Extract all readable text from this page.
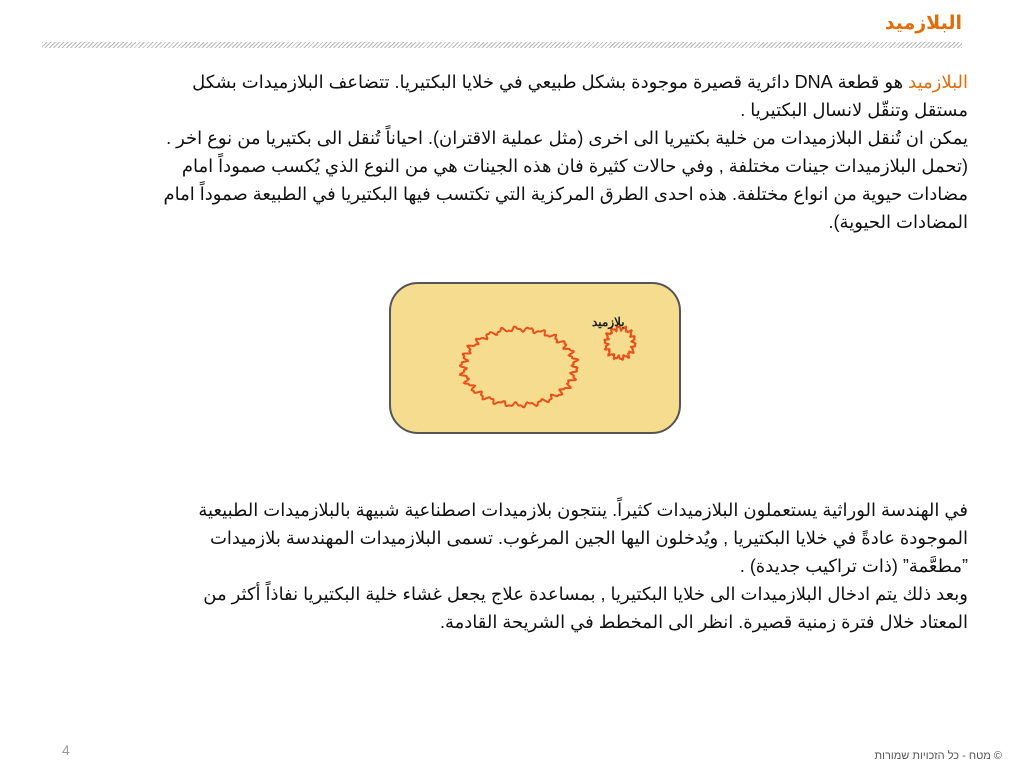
البلازميد
البلازميد هو قطعة DNA دائرية قصيرة موجودة بشكل طبيعي في خلايا البكتيريا. تتضاعف البلازميدات بشكل
مستقل وتنقّل لانسال البكتيريا .
يمكن ان تُنقل البلازميدات من خلية بكتيريا الى اخرى (مثل عملية الاقتران). احياناً تُنقل الى بكتيريا من نوع اخر .
(تحمل البلازميدات جينات مختلفة , وفي حالات كثيرة فان هذه الجينات هي من النوع الذي يُكسب صموداً امام
مضادات حيوية من انواع مختلفة. هذه احدى الطرق المركزية التي تكتسب فيها البكتيريا في الطبيعة صموداً امام
المضادات الحيوية).
بلازميد
في الهندسة الوراثية يستعملون البلازميدات كثيراً. ينتجون بلازميدات اصطناعية شبيهة بالبلازميدات الطبيعية
الموجودة عادةً في خلايا البكتيريا , ويُدخلون اليها الجين المرغوب. تسمى البلازميدات المهندسة بلازميدات
”مطعَّمة” (ذات تراكيب جديدة) .
وبعد ذلك يتم ادخال البلازميدات الى خلايا البكتيريا , بمساعدة علاج يجعل غشاء خلية البكتيريا نفاذاً أكثر من
المعتاد خلال فترة زمنية قصيرة. انظر الى المخطط في الشريحة القادمة.
4	© מטח - כל הזכויות שמורות
